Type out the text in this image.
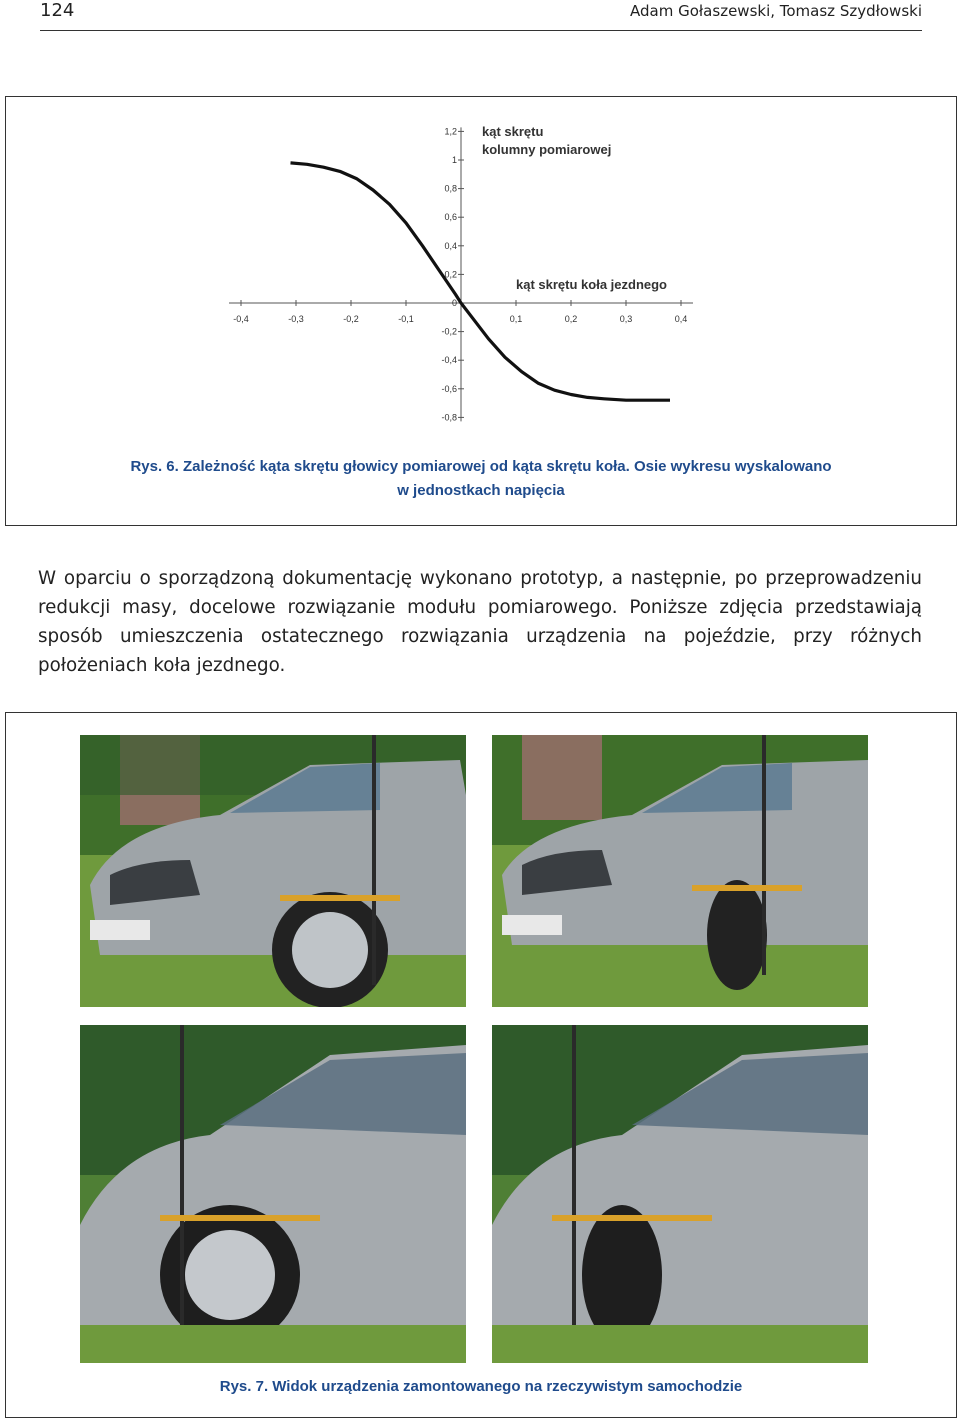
124	Adam Gołaszewski, Tomasz Szydłowski
-0,4	-0,3	-0,2	-0,1	0,1	0,2	0,3	0,4
1,2
1
0,8
0,6
0,4
0,2
0
-0,2
-0,4
-0,6
-0,8
kąt skrętu
kolumny pomiarowej
kąt skrętu koła jezdnego
Rys. 6. Zależność kąta skrętu głowicy pomiarowej od kąta skrętu koła. Osie wykresu wyskalowano
w jednostkach napięcia
W oparciu o sporządzoną dokumentację wykonano prototyp, a następnie, po przeprowadzeniu redukcji masy, docelowe rozwiązanie modułu pomiarowego. Poniższe zdjęcia przedstawiają sposób umieszczenia ostatecznego rozwiązania urządzenia na pojeździe, przy różnych położeniach koła jezdnego.
Rys. 7. Widok urządzenia zamontowanego na rzeczywistym samochodzie
